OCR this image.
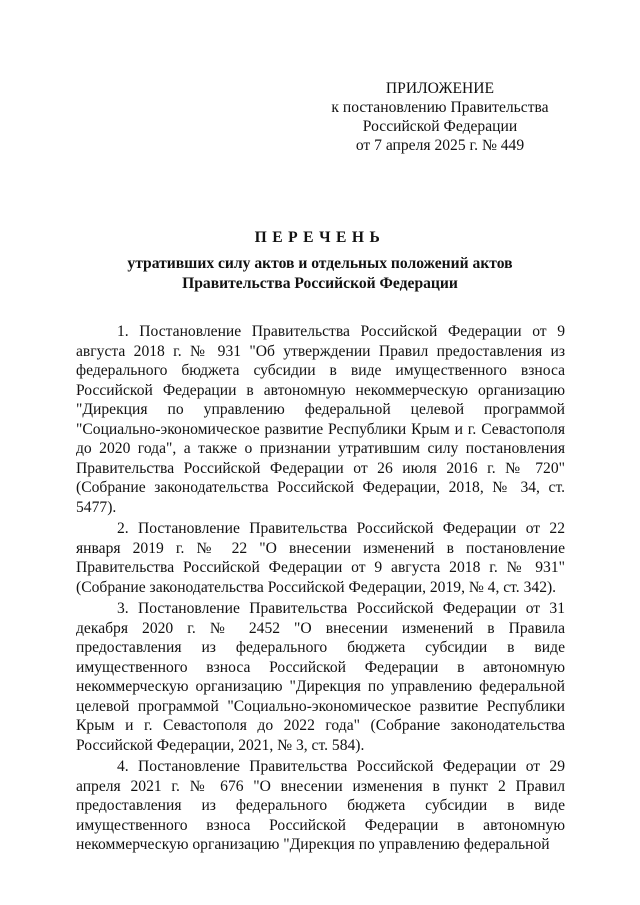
ПРИЛОЖЕНИЕ
к постановлению Правительства
Российской Федерации
от 7 апреля 2025 г. № 449
ПЕРЕЧЕНЬ
утративших силу актов и отдельных положений актов Правительства Российской Федерации

1. Постановление Правительства Российской Федерации от 9 августа 2018 г. № 931 "Об утверждении Правил предоставления из федерального бюджета субсидии в виде имущественного взноса Российской Федерации в автономную некоммерческую организацию "Дирекция по управлению федеральной целевой программой "Социально-экономическое развитие Республики Крым и г. Севастополя до 2020 года", а также о признании утратившим силу постановления Правительства Российской Федерации от 26 июля 2016 г. № 720" (Собрание законодательства Российской Федерации, 2018, № 34, ст. 5477).

2. Постановление Правительства Российской Федерации от 22 января 2019 г. № 22 "О внесении изменений в постановление Правительства Российской Федерации от 9 августа 2018 г. № 931" (Собрание законодательства Российской Федерации, 2019, № 4, ст. 342).

3. Постановление Правительства Российской Федерации от 31 декабря 2020 г. № 2452 "О внесении изменений в Правила предоставления из федерального бюджета субсидии в виде имущественного взноса Российской Федерации в автономную некоммерческую организацию "Дирекция по управлению федеральной целевой программой "Социально-экономическое развитие Республики Крым и г. Севастополя до 2022 года" (Собрание законодательства Российской Федерации, 2021, № 3, ст. 584).

4. Постановление Правительства Российской Федерации от 29 апреля 2021 г. № 676 "О внесении изменения в пункт 2 Правил предоставления из федерального бюджета субсидии в виде имущественного взноса Российской Федерации в автономную некоммерческую организацию "Дирекция по управлению федеральной
